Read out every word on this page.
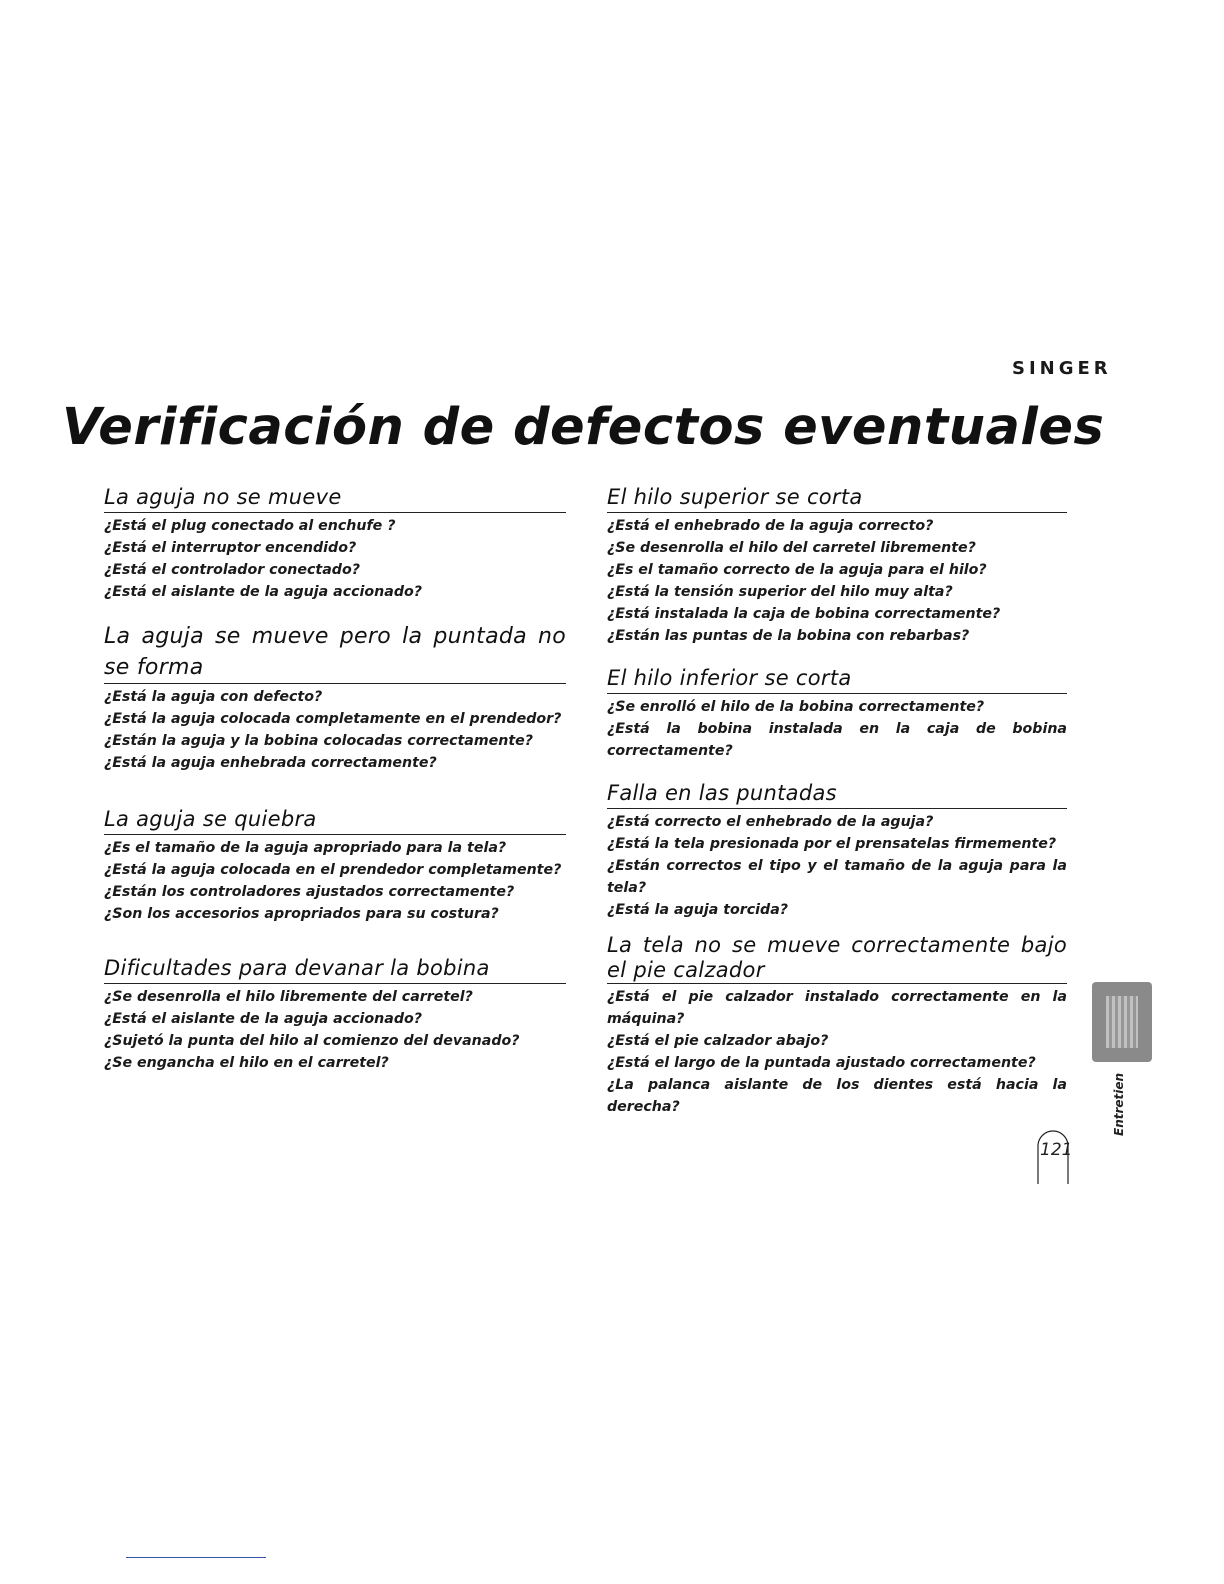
SINGER
Verificación de defectos eventuales
La aguja no se mueve
¿Está el plug conectado al enchufe ?
¿Está el interruptor encendido?
¿Está el controlador conectado?
¿Está el aislante de la aguja accionado?
La aguja se mueve pero la puntada no se forma
¿Está la aguja con defecto?
¿Está la aguja colocada completamente en el prendedor?
¿Están la aguja y la bobina colocadas correctamente?
¿Está la aguja enhebrada correctamente?
La aguja se quiebra
¿Es el tamaño de la aguja apropriado para la tela?
¿Está la aguja colocada en el prendedor completamente?
¿Están los controladores ajustados correctamente?
¿Son los accesorios apropriados para su costura?
Dificultades para devanar la bobina
¿Se desenrolla el hilo libremente del carretel?
¿Está el aislante de la aguja accionado?
¿Sujetó la punta del hilo al comienzo del devanado?
¿Se engancha el hilo en el carretel?
El hilo superior se corta
¿Está el enhebrado de la aguja correcto?
¿Se desenrolla el hilo del carretel libremente?
¿Es el tamaño correcto de la aguja para el hilo?
¿Está la tensión superior del hilo muy alta?
¿Está instalada la caja de bobina correctamente?
¿Están las puntas de la bobina con rebarbas?
El hilo inferior se corta
¿Se enrolló el hilo de la bobina correctamente?
¿Está la bobina instalada en la caja de bobina correctamente?
Falla en las puntadas
¿Está correcto el enhebrado de la aguja?
¿Está la tela presionada por el prensatelas firmemente?
¿Están correctos el tipo y el tamaño de la aguja para la tela?
¿Está la aguja torcida?
La tela no se mueve correctamente bajo el pie calzador
¿Está el pie calzador instalado correctamente en la máquina?
¿Está el pie calzador abajo?
¿Está el largo de la puntada ajustado correctamente?
¿La palanca aislante de los dientes está hacia la derecha?	Entretien
121
